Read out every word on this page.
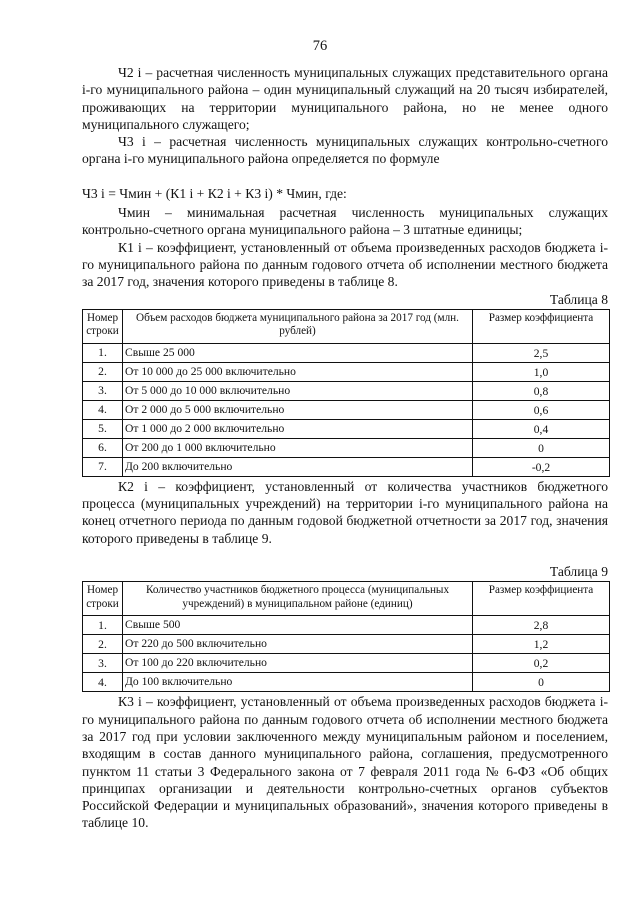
76

Ч2 i – расчетная численность муниципальных служащих представительного органа i-го муниципального района – один муниципальный служащий на 20 тысяч избирателей, проживающих на территории муниципального района, но не менее одного муниципального служащего;

Ч3 i – расчетная численность муниципальных служащих контрольно-счетного органа i-го муниципального района определяется по формуле

Ч3 i = Чмин + (К1 i + К2 i + К3 i) * Чмин, где:

Чмин – минимальная расчетная численность муниципальных служащих контрольно-счетного органа муниципального района – 3 штатные единицы;

К1 i – коэффициент, установленный от объема произведенных расходов бюджета i-го муниципального района по данным годового отчета об исполнении местного бюджета за 2017 год, значения которого приведены в таблице 8.

Таблица 8
Номер строки	Объем расходов бюджета муниципального района за 2017 год (млн. рублей)	Размер коэффициента
1.	Свыше 25 000	2,5
2.	От 10 000 до 25 000 включительно	1,0
3.	От 5 000 до 10 000 включительно	0,8
4.	От 2 000 до 5 000 включительно	0,6
5.	От 1 000 до 2 000 включительно	0,4
6.	От 200 до 1 000 включительно	0
7.	До 200 включительно	-0,2

К2 i – коэффициент, установленный от количества участников бюджетного процесса (муниципальных учреждений) на территории i-го муниципального района на конец отчетного периода по данным годовой бюджетной отчетности за 2017 год, значения которого приведены в таблице 9.

Таблица 9
Номер строки	Количество участников бюджетного процесса (муниципальных учреждений) в муниципальном районе (единиц)	Размер коэффициента
1.	Свыше 500	2,8
2.	От 220 до 500 включительно	1,2
3.	От 100 до 220 включительно	0,2
4.	До 100 включительно	0

К3 i – коэффициент, установленный от объема произведенных расходов бюджета i-го муниципального района по данным годового отчета об исполнении местного бюджета за 2017 год при условии заключенного между муниципальным районом и поселением, входящим в состав данного муниципального района, соглашения, предусмотренного пунктом 11 статьи 3 Федерального закона от 7 февраля 2011 года № 6-ФЗ «Об общих принципах организации и деятельности контрольно-счетных органов субъектов Российской Федерации и муниципальных образований», значения которого приведены в таблице 10.
